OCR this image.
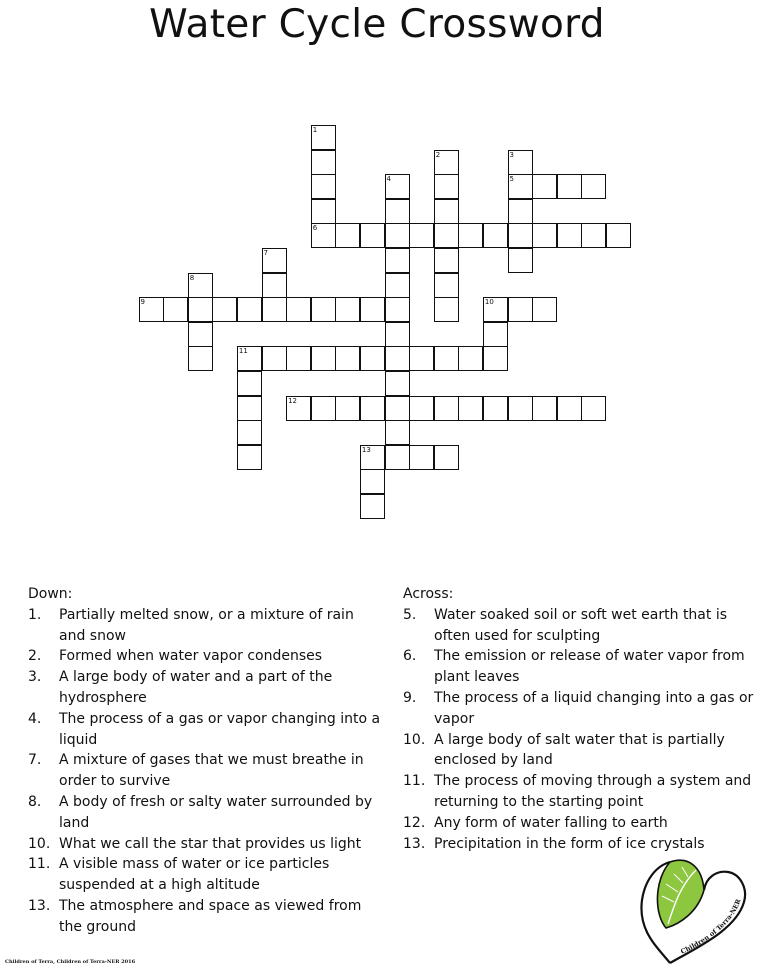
Water Cycle Crossword
1
6
2	3
5
4
7
8
9	10
11
12
13
Down:
1. Partially melted snow, or a mixture of rain and snow
2. Formed when water vapor condenses
3. A large body of water and a part of the hydrosphere
4. The process of a gas or vapor changing into a liquid
7. A mixture of gases that we must breathe in order to survive
8. A body of fresh or salty water surrounded by land
10. What we call the star that provides us light
11. A visible mass of water or ice particles suspended at a high altitude
13. The atmosphere and space as viewed from the ground
Across:
5. Water soaked soil or soft wet earth that is often used for sculpting
6. The emission or release of water vapor from plant leaves
9. The process of a liquid changing into a gas or vapor
10. A large body of salt water that is partially enclosed by land
11. The process of moving through a system and returning to the starting point
12. Any form of water falling to earth
13. Precipitation in the form of ice crystals
Children of Terra, Children of Terra-NER 2016
Children of Terra-NER
